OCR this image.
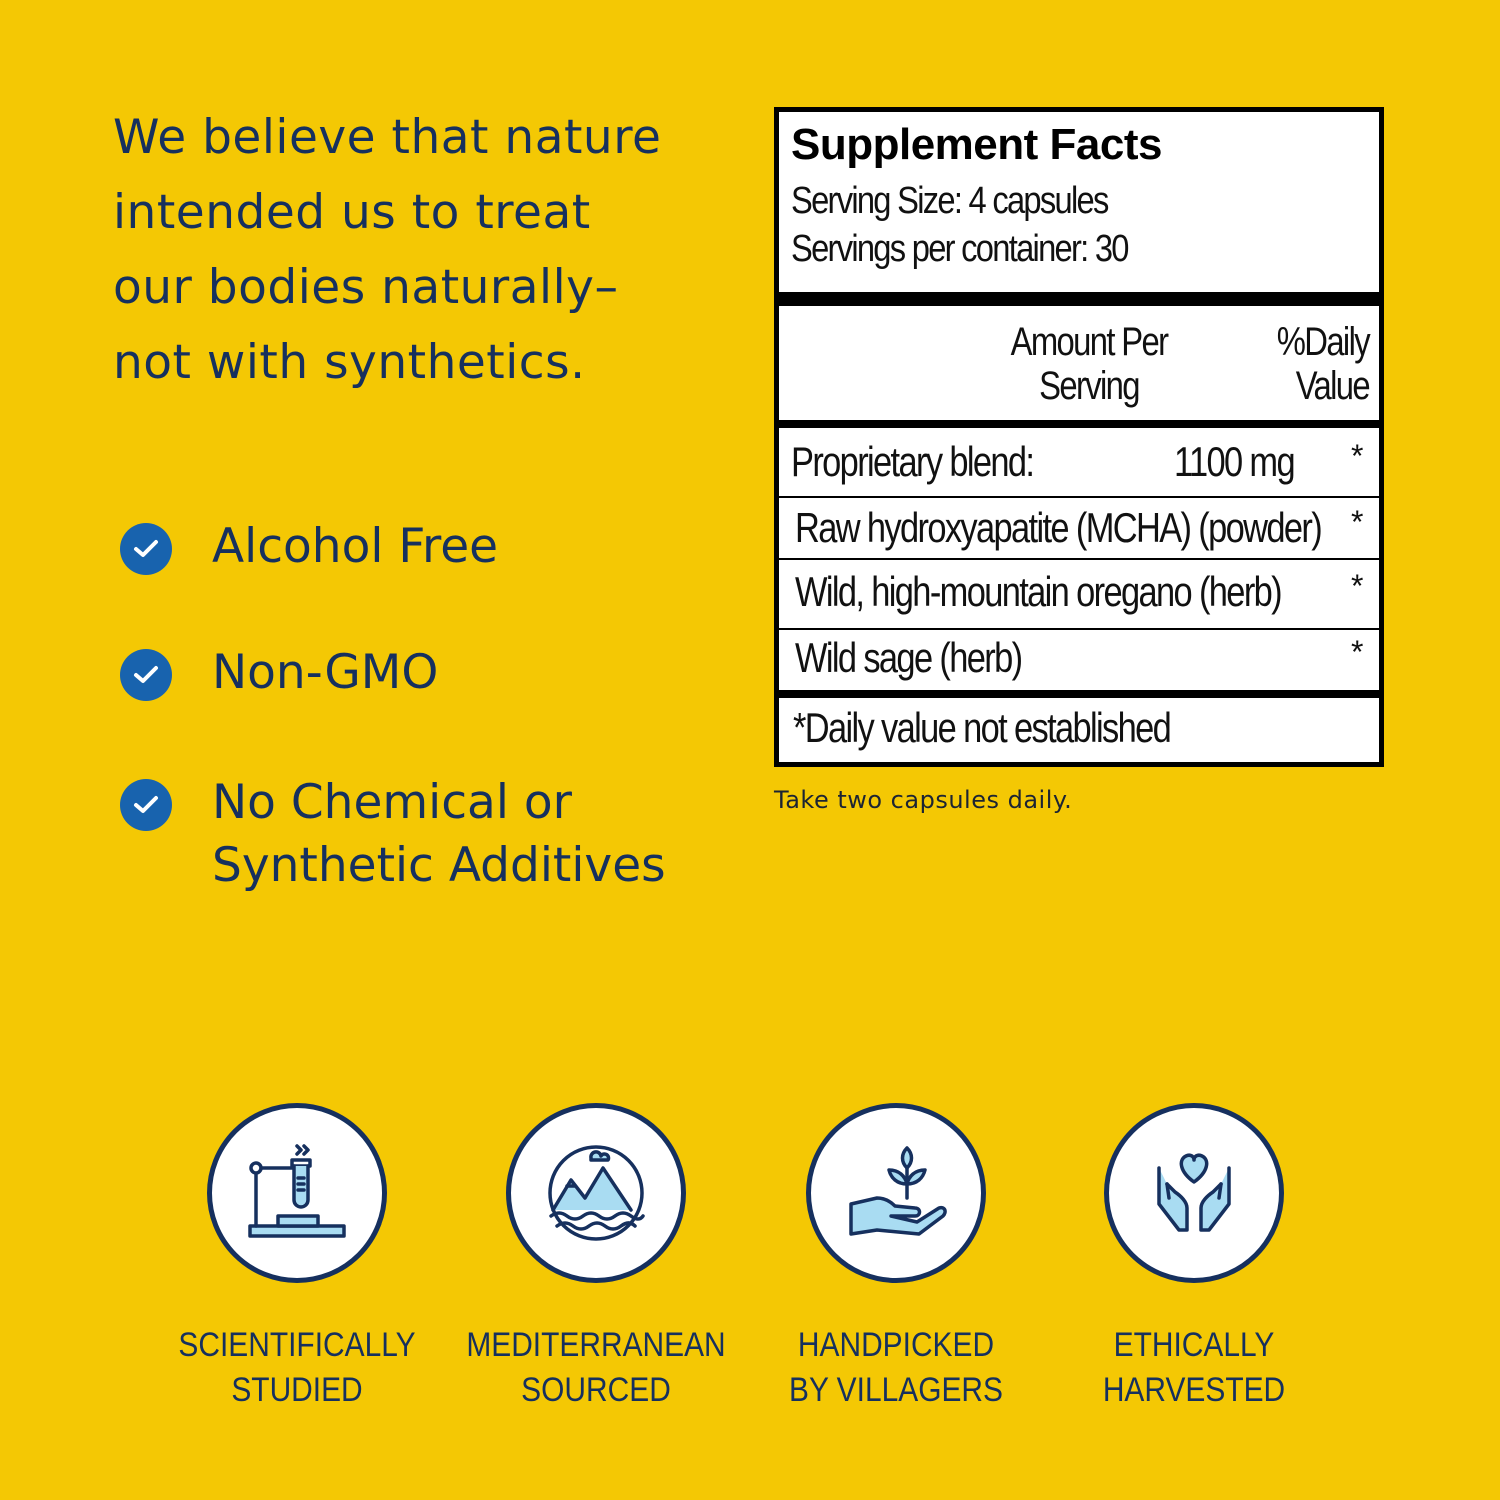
We believe that nature
intended us to treat
our bodies naturally–
not with synthetics.
Alcohol Free
Non-GMO
No Chemical or
Synthetic Additives
Supplement Facts
Serving Size: 4 capsules
Servings per container: 30
Amount Per
Serving
%Daily
Value
Proprietary blend:	1100 mg *
Raw hydroxyapatite (MCHA) (powder) *
Wild, high-mountain oregano (herb) *
Wild sage (herb)	*
*Daily value not established
Take two capsules daily.
SCIENTIFICALLY
STUDIED
MEDITERRANEAN
SOURCED
HANDPICKED
BY VILLAGERS
ETHICALLY
HARVESTED
